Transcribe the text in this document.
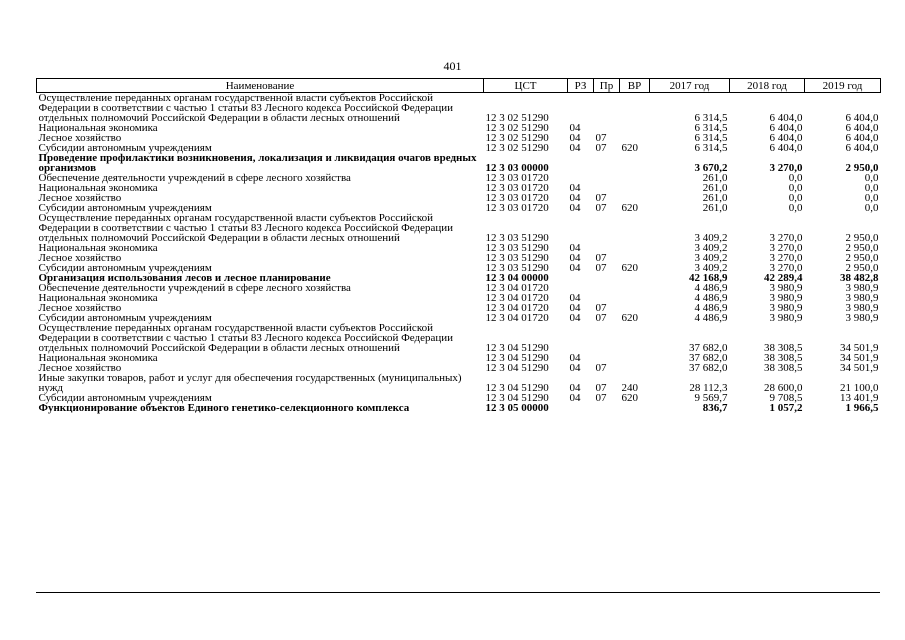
401
Наименование	ЦСТ	РЗ	Пр	ВР	2017 год	2018 год	2019 год
Осуществление переданных органам государственной власти субъектов Российской Федерации в соответствии с частью 1 статьи 83 Лесного кодекса Российской Федерации отдельных полномочий Российской Федерации в области лесных отношений	12 3 02 51290				6 314,5	6 404,0	6 404,0
Национальная экономика	12 3 02 51290	04			6 314,5	6 404,0	6 404,0
Лесное хозяйство	12 3 02 51290	04	07		6 314,5	6 404,0	6 404,0
Субсидии автономным учреждениям	12 3 02 51290	04	07	620	6 314,5	6 404,0	6 404,0
Проведение профилактики возникновения, локализация и ликвидация очагов вредных организмов	12 3 03 00000				3 670,2	3 270,0	2 950,0
Обеспечение деятельности учреждений в сфере лесного хозяйства	12 3 03 01720				261,0	0,0	0,0
Национальная экономика	12 3 03 01720	04			261,0	0,0	0,0
Лесное хозяйство	12 3 03 01720	04	07		261,0	0,0	0,0
Субсидии автономным учреждениям	12 3 03 01720	04	07	620	261,0	0,0	0,0
Осуществление переданных органам государственной власти субъектов Российской Федерации в соответствии с частью 1 статьи 83 Лесного кодекса Российской Федерации отдельных полномочий Российской Федерации в области лесных отношений	12 3 03 51290				3 409,2	3 270,0	2 950,0
Национальная экономика	12 3 03 51290	04			3 409,2	3 270,0	2 950,0
Лесное хозяйство	12 3 03 51290	04	07		3 409,2	3 270,0	2 950,0
Субсидии автономным учреждениям	12 3 03 51290	04	07	620	3 409,2	3 270,0	2 950,0
Организация использования лесов и лесное планирование	12 3 04 00000				42 168,9	42 289,4	38 482,8
Обеспечение деятельности учреждений в сфере лесного хозяйства	12 3 04 01720				4 486,9	3 980,9	3 980,9
Национальная экономика	12 3 04 01720	04			4 486,9	3 980,9	3 980,9
Лесное хозяйство	12 3 04 01720	04	07		4 486,9	3 980,9	3 980,9
Субсидии автономным учреждениям	12 3 04 01720	04	07	620	4 486,9	3 980,9	3 980,9
Осуществление переданных органам государственной власти субъектов Российской Федерации в соответствии с частью 1 статьи 83 Лесного кодекса Российской Федерации отдельных полномочий Российской Федерации в области лесных отношений	12 3 04 51290				37 682,0	38 308,5	34 501,9
Национальная экономика	12 3 04 51290	04			37 682,0	38 308,5	34 501,9
Лесное хозяйство	12 3 04 51290	04	07		37 682,0	38 308,5	34 501,9
Иные закупки товаров, работ и услуг для обеспечения государственных (муниципальных) нужд	12 3 04 51290	04	07	240	28 112,3	28 600,0	21 100,0
Субсидии автономным учреждениям	12 3 04 51290	04	07	620	9 569,7	9 708,5	13 401,9
Функционирование объектов Единого генетико-селекционного комплекса	12 3 05 00000				836,7	1 057,2	1 966,5
